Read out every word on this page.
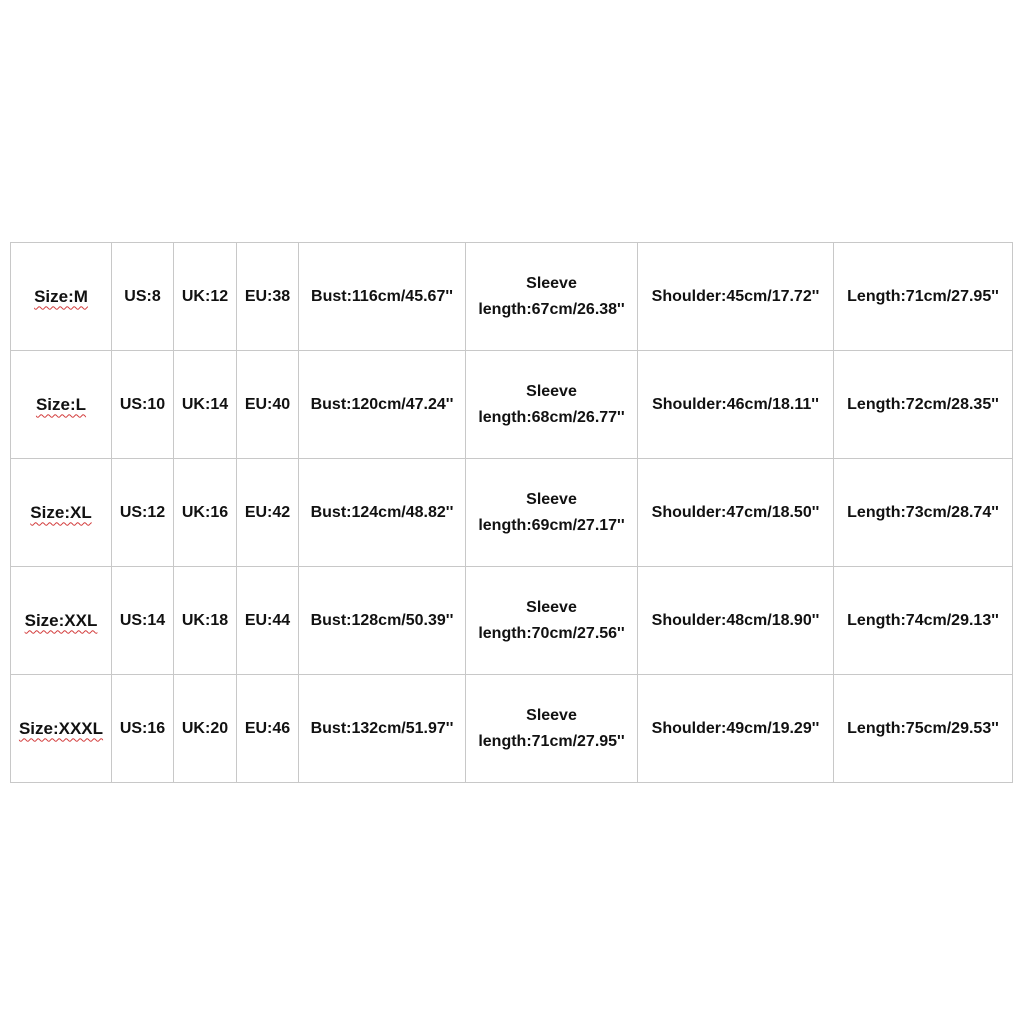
Size:M	US:8	UK:12	EU:38	Bust:116cm/45.67''	Sleeve
length:67cm/26.38''	Shoulder:45cm/17.72''	Length:71cm/27.95''
Size:L	US:10	UK:14	EU:40	Bust:120cm/47.24''	Sleeve
length:68cm/26.77''	Shoulder:46cm/18.11''	Length:72cm/28.35''
Size:XL	US:12	UK:16	EU:42	Bust:124cm/48.82''	Sleeve
length:69cm/27.17''	Shoulder:47cm/18.50''	Length:73cm/28.74''
Size:XXL	US:14	UK:18	EU:44	Bust:128cm/50.39''	Sleeve
length:70cm/27.56''	Shoulder:48cm/18.90''	Length:74cm/29.13''
Size:XXXL	US:16	UK:20	EU:46	Bust:132cm/51.97''	Sleeve
length:71cm/27.95''	Shoulder:49cm/19.29''	Length:75cm/29.53''
